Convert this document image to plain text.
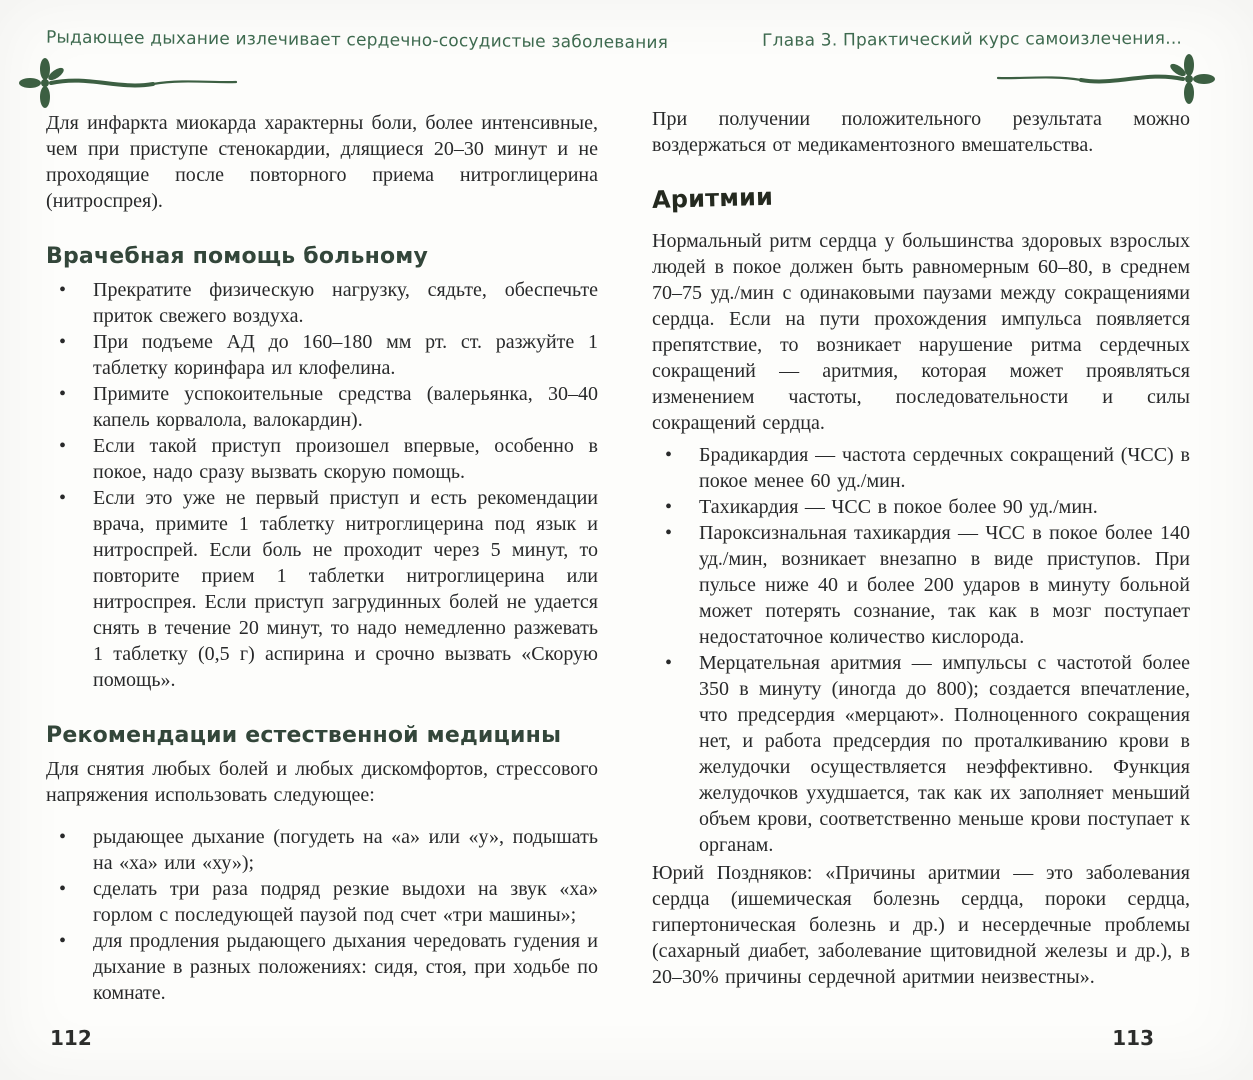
Рыдающее дыхание излечивает сердечно-сосудистые заболевания

Для инфаркта миокарда характерны боли, более интенсивные, чем при приступе стенокардии, длящиеся 20–30 минут и не проходящие после повторного приема нитроглицерина (нитроспрея).

Врачебная помощь больному
• Прекратите физическую нагрузку, сядьте, обеспечьте приток свежего воздуха.
• При подъеме АД до 160–180 мм рт. ст. разжуйте 1 таблетку коринфара ил клофелина.
• Примите успокоительные средства (валерьянка, 30–40 капель корвалола, валокардин).
• Если такой приступ произошел впервые, особенно в покое, надо сразу вызвать скорую помощь.
• Если это уже не первый приступ и есть рекомендации врача, примите 1 таблетку нитроглицерина под язык и нитроспрей. Если боль не проходит через 5 минут, то повторите прием 1 таблетки нитроглицерина или нитроспрея. Если приступ загрудинных болей не удается снять в течение 20 минут, то надо немедленно разжевать 1 таблетку (0,5 г) аспирина и срочно вызвать «Скорую помощь».
Рекомендации естественной медицины

Для снятия любых болей и любых дискомфортов, стрессового напряжения использовать следующее:

• рыдающее дыхание (погудеть на «а» или «у», подышать на «ха» или «ху»);
• сделать три раза подряд резкие выдохи на звук «ха» горлом с последующей паузой под счет «три машины»;
• для продления рыдающего дыхания чередовать гудения и дыхание в разных положениях: сидя, стоя, при ходьбе по комнате.
112
Глава 3. Практический курс самоизлечения...

При получении положительного результата можно воздержаться от медикаментозного вмешательства.

Аритмии

Нормальный ритм сердца у большинства здоровых взрослых людей в покое должен быть равномерным 60–80, в среднем 70–75 уд./мин с одинаковыми паузами между сокращениями сердца. Если на пути прохождения импульса появляется препятствие, то возникает нарушение ритма сердечных сокращений — аритмия, которая может проявляться изменением частоты, последовательности и силы сокращений сердца.

• Брадикардия — частота сердечных сокращений (ЧСС) в покое менее 60 уд./мин.
• Тахикардия — ЧСС в покое более 90 уд./мин.
• Пароксизнальная тахикардия — ЧСС в покое более 140 уд./мин, возникает внезапно в виде приступов. При пульсе ниже 40 и более 200 ударов в минуту больной может потерять сознание, так как в мозг поступает недостаточное количество кислорода.
• Мерцательная аритмия — импульсы с частотой более 350 в минуту (иногда до 800); создается впечатление, что предсердия «мерцают». Полноценного сокращения нет, и работа предсердия по проталкиванию крови в желудочки осуществляется неэффективно. Функция желудочков ухудшается, так как их заполняет меньший объем крови, соответственно меньше крови поступает к органам.

Юрий Поздняков: «Причины аритмии — это заболевания сердца (ишемическая болезнь сердца, пороки сердца, гипертоническая болезнь и др.) и несердечные проблемы (сахарный диабет, заболевание щитовидной железы и др.), в 20–30% причины сердечной аритмии неизвестны».

113
